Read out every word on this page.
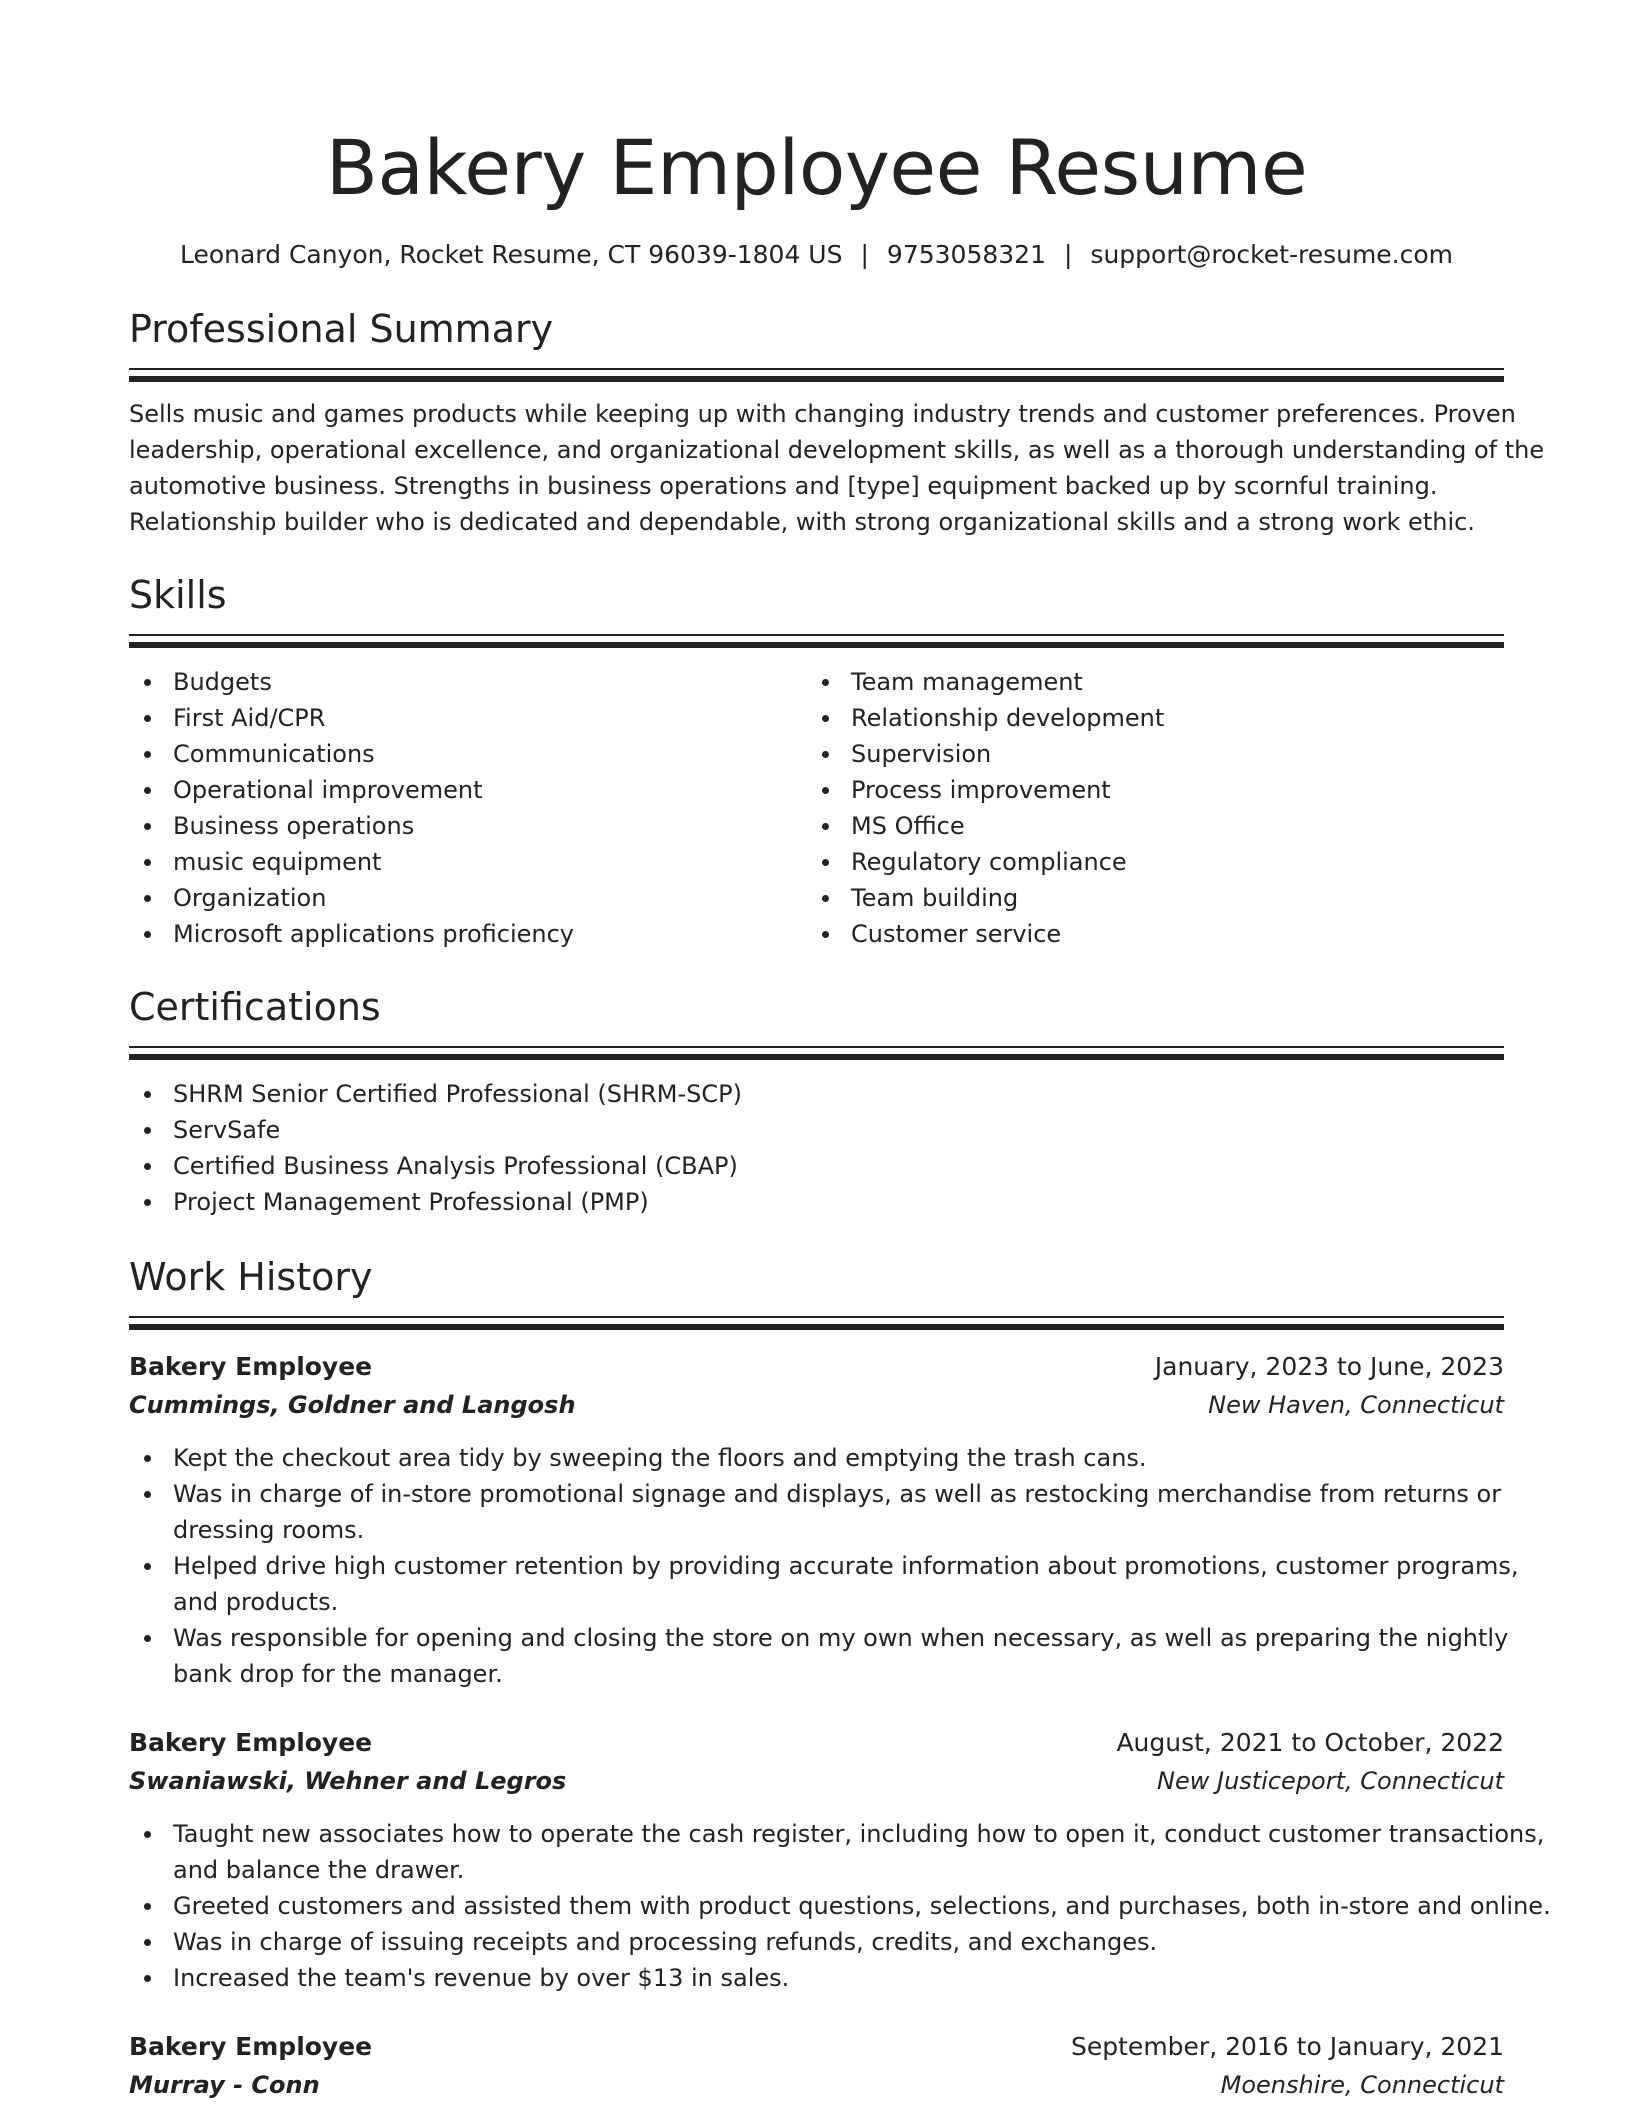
Bakery Employee Resume
Leonard Canyon, Rocket Resume, CT 96039-1804 US | 9753058321 | support@rocket-resume.com
Professional Summary

Sells music and games products while keeping up with changing industry trends and customer preferences. Proven
leadership, operational excellence, and organizational development skills, as well as a thorough understanding of the
automotive business. Strengths in business operations and [type] equipment backed up by scornful training.
Relationship builder who is dedicated and dependable, with strong organizational skills and a strong work ethic.

Skills
Budgets
First Aid/CPR
Communications
Operational improvement
Business operations
music equipment
Organization
Microsoft applications proficiency
Team management
Relationship development
Supervision
Process improvement
MS Office
Regulatory compliance
Team building
Customer service
Certifications
SHRM Senior Certified Professional (SHRM-SCP)
ServSafe
Certified Business Analysis Professional (CBAP)
Project Management Professional (PMP)
Work History
Bakery Employee	January, 2023 to June, 2023
Cummings, Goldner and Langosh	New Haven, Connecticut
Kept the checkout area tidy by sweeping the floors and emptying the trash cans.
Was in charge of in-store promotional signage and displays, as well as restocking merchandise from returns or
dressing rooms.
Helped drive high customer retention by providing accurate information about promotions, customer programs,
and products.
Was responsible for opening and closing the store on my own when necessary, as well as preparing the nightly
bank drop for the manager.
Bakery Employee	August, 2021 to October, 2022
Swaniawski, Wehner and Legros	New Justiceport, Connecticut
Taught new associates how to operate the cash register, including how to open it, conduct customer transactions,
and balance the drawer.
Greeted customers and assisted them with product questions, selections, and purchases, both in-store and online.
Was in charge of issuing receipts and processing refunds, credits, and exchanges.
Increased the team's revenue by over $13 in sales.
Bakery Employee	September, 2016 to January, 2021
Murray - Conn	Moenshire, Connecticut
